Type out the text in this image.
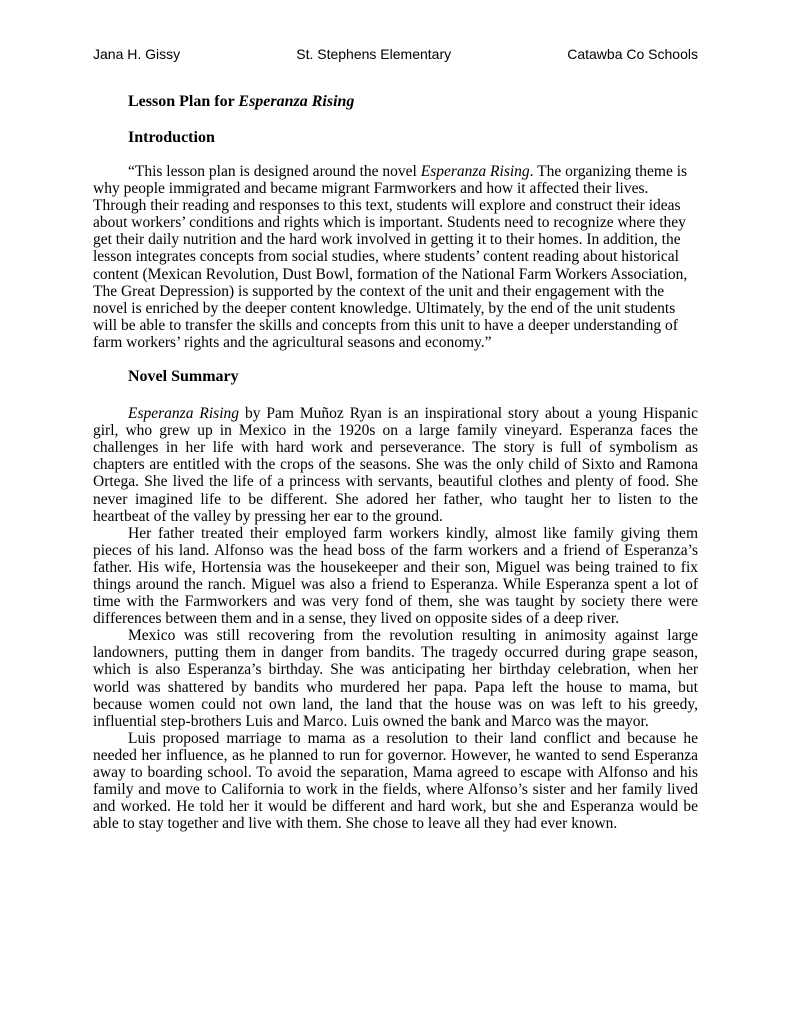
Jana H. Gissy	St. Stephens Elementary	Catawba Co Schools
Lesson Plan for Esperanza Rising
Introduction

“This lesson plan is designed around the novel Esperanza Rising. The organizing theme is why people immigrated and became migrant Farmworkers and how it affected their lives. Through their reading and responses to this text, students will explore and construct their ideas about workers’ conditions and rights which is important. Students need to recognize where they get their daily nutrition and the hard work involved in getting it to their homes. In addition, the lesson integrates concepts from social studies, where students’ content reading about historical content (Mexican Revolution, Dust Bowl, formation of the National Farm Workers Association, The Great Depression) is supported by the context of the unit and their engagement with the novel is enriched by the deeper content knowledge. Ultimately, by the end of the unit students will be able to transfer the skills and concepts from this unit to have a deeper understanding of farm workers’ rights and the agricultural seasons and economy.”

Novel Summary

Esperanza Rising by Pam Muñoz Ryan is an inspirational story about a young Hispanic girl, who grew up in Mexico in the 1920s on a large family vineyard. Esperanza faces the challenges in her life with hard work and perseverance. The story is full of symbolism as chapters are entitled with the crops of the seasons. She was the only child of Sixto and Ramona Ortega. She lived the life of a princess with servants, beautiful clothes and plenty of food. She never imagined life to be different. She adored her father, who taught her to listen to the heartbeat of the valley by pressing her ear to the ground.

Her father treated their employed farm workers kindly, almost like family giving them pieces of his land. Alfonso was the head boss of the farm workers and a friend of Esperanza’s father. His wife, Hortensia was the housekeeper and their son, Miguel was being trained to fix things around the ranch. Miguel was also a friend to Esperanza. While Esperanza spent a lot of time with the Farmworkers and was very fond of them, she was taught by society there were differences between them and in a sense, they lived on opposite sides of a deep river.

Mexico was still recovering from the revolution resulting in animosity against large landowners, putting them in danger from bandits. The tragedy occurred during grape season, which is also Esperanza’s birthday. She was anticipating her birthday celebration, when her world was shattered by bandits who murdered her papa. Papa left the house to mama, but because women could not own land, the land that the house was on was left to his greedy, influential step-brothers Luis and Marco. Luis owned the bank and Marco was the mayor.

Luis proposed marriage to mama as a resolution to their land conflict and because he needed her influence, as he planned to run for governor. However, he wanted to send Esperanza away to boarding school. To avoid the separation, Mama agreed to escape with Alfonso and his family and move to California to work in the fields, where Alfonso’s sister and her family lived and worked. He told her it would be different and hard work, but she and Esperanza would be able to stay together and live with them. She chose to leave all they had ever known.
